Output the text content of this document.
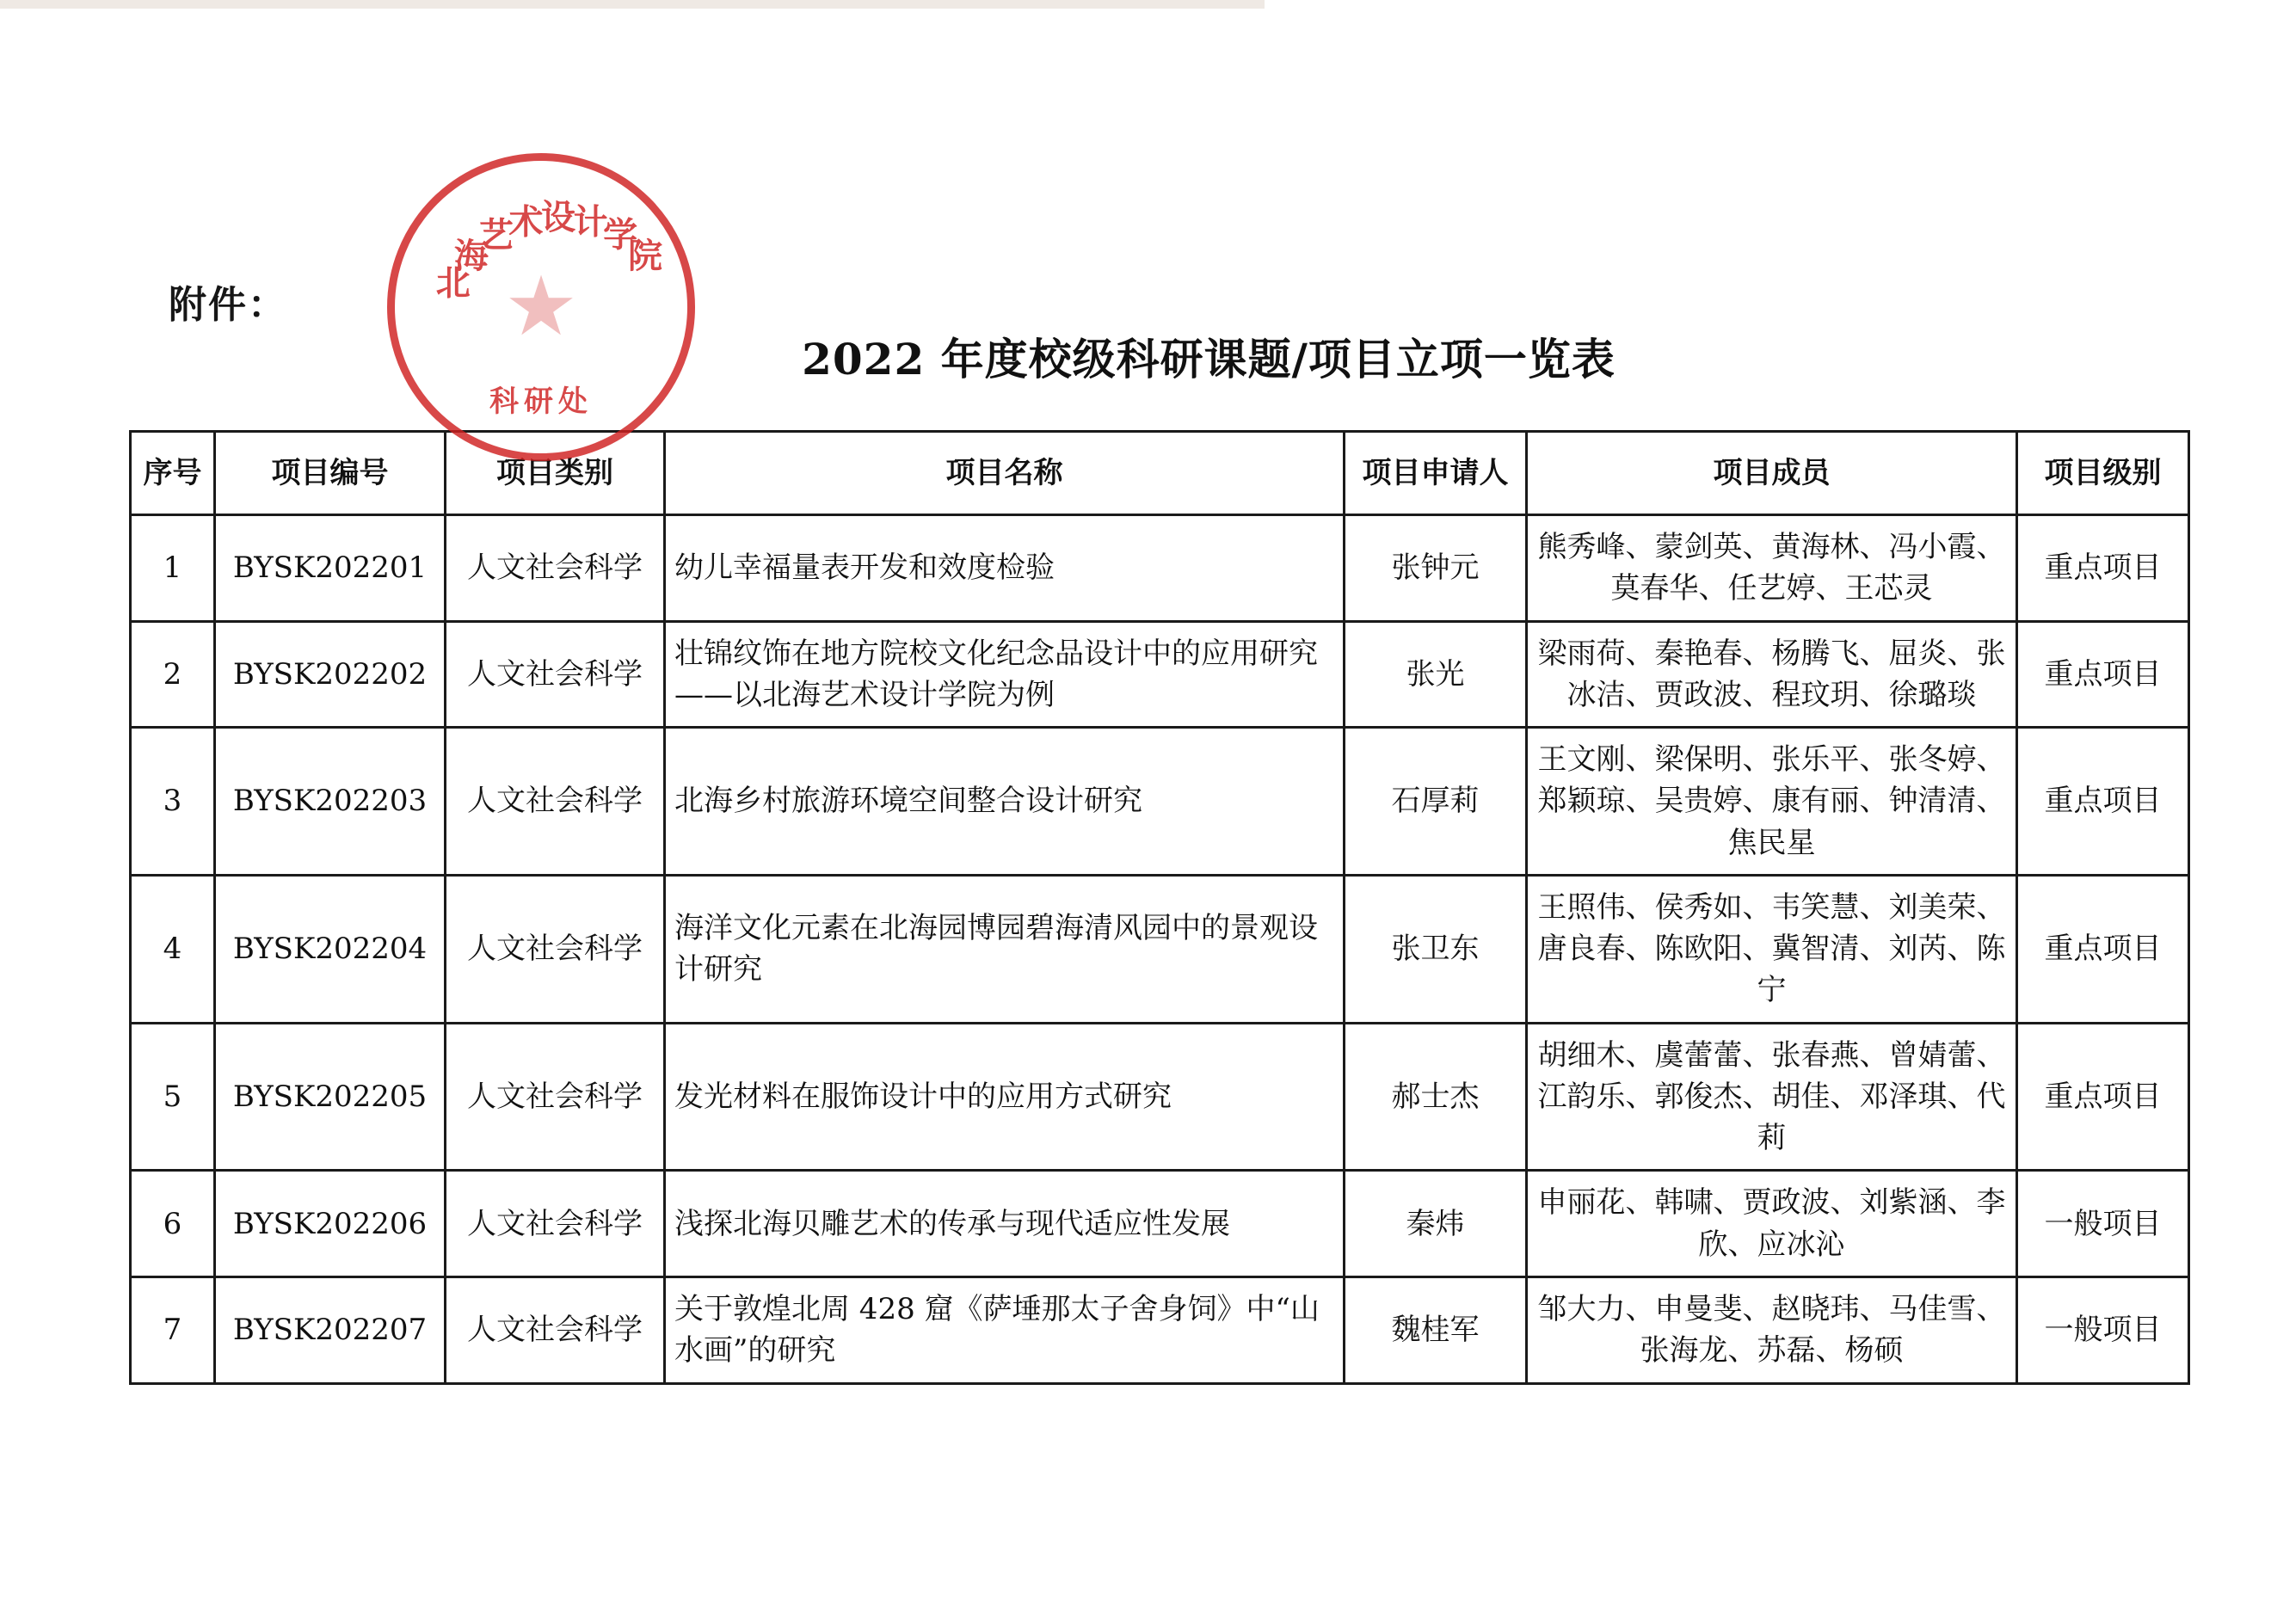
附件：
北
海
艺
术
设
计
学
院
★
科研处
2022 年度校级科研课题/项目立项一览表
序号	项目编号	项目类别	项目名称	项目申请人	项目成员	项目级别
1	BYSK202201	人文社会科学	幼儿幸福量表开发和效度检验	张钟元	熊秀峰、蒙剑英、黄海林、冯小霞、莫春华、任艺婷、王芯灵	重点项目
2	BYSK202202	人文社会科学	壮锦纹饰在地方院校文化纪念品设计中的应用研究——以北海艺术设计学院为例	张光	梁雨荷、秦艳春、杨腾飞、屈炎、张冰洁、贾政波、程玟玥、徐璐琰	重点项目
3	BYSK202203	人文社会科学	北海乡村旅游环境空间整合设计研究	石厚莉	王文刚、梁保明、张乐平、张冬婷、郑颖琼、吴贵婷、康有丽、钟清清、焦民星	重点项目
4	BYSK202204	人文社会科学	海洋文化元素在北海园博园碧海清风园中的景观设计研究	张卫东	王照伟、侯秀如、韦笑慧、刘美荣、唐良春、陈欧阳、冀智清、刘芮、陈宁	重点项目
5	BYSK202205	人文社会科学	发光材料在服饰设计中的应用方式研究	郝士杰	胡细木、虞蕾蕾、张春燕、曾婧蕾、江韵乐、郭俊杰、胡佳、邓泽琪、代莉	重点项目
6	BYSK202206	人文社会科学	浅探北海贝雕艺术的传承与现代适应性发展	秦炜	申丽花、韩啸、贾政波、刘紫涵、李欣、应冰沁	一般项目
7	BYSK202207	人文社会科学	关于敦煌北周 428 窟《萨埵那太子舍身饲》中“山水画”的研究	魏桂军	邹大力、申曼斐、赵晓玮、马佳雪、张海龙、苏磊、杨硕	一般项目
